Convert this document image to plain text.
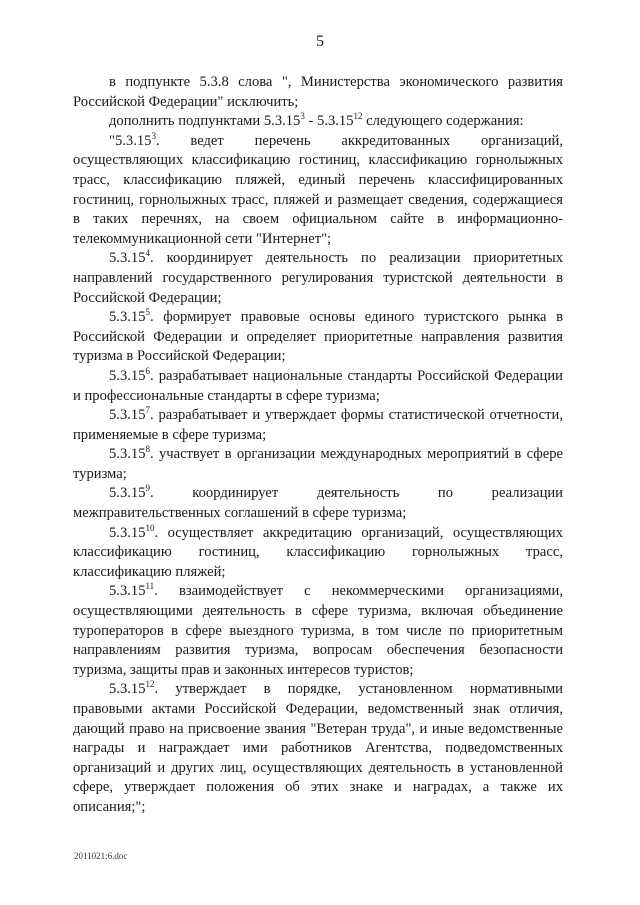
5

в подпункте 5.3.8 слова ", Министерства экономического развития Российской Федерации" исключить;

дополнить подпунктами 5.3.15$^3$ - 5.3.15$^{12}$ следующего содержания:

"5.3.15$^3$. ведет перечень аккредитованных организаций, осуществляющих классификацию гостиниц, классификацию горнолыжных трасс, классификацию пляжей, единый перечень классифицированных гостиниц, горнолыжных трасс, пляжей и размещает сведения, содержащиеся в таких перечнях, на своем официальном сайте в информационно-телекоммуникационной сети "Интернет";

5.3.15$^4$. координирует деятельность по реализации приоритетных направлений государственного регулирования туристской деятельности в Российской Федерации;

5.3.15$^5$. формирует правовые основы единого туристского рынка в Российской Федерации и определяет приоритетные направления развития туризма в Российской Федерации;

5.3.15$^6$. разрабатывает национальные стандарты Российской Федерации и профессиональные стандарты в сфере туризма;

5.3.15$^7$. разрабатывает и утверждает формы статистической отчетности, применяемые в сфере туризма;

5.3.15$^8$. участвует в организации международных мероприятий в сфере туризма;

5.3.15$^9$. координирует деятельность по реализации межправительственных соглашений в сфере туризма;

5.3.15$^{10}$. осуществляет аккредитацию организаций, осуществляющих классификацию гостиниц, классификацию горнолыжных трасс, классификацию пляжей;

5.3.15$^{11}$. взаимодействует с некоммерческими организациями, осуществляющими деятельность в сфере туризма, включая объединение туроператоров в сфере выездного туризма, в том числе по приоритетным направлениям развития туризма, вопросам обеспечения безопасности туризма, защиты прав и законных интересов туристов;

5.3.15$^{12}$. утверждает в порядке, установленном нормативными правовыми актами Российской Федерации, ведомственный знак отличия, дающий право на присвоение звания "Ветеран труда", и иные ведомственные награды и награждает ими работников Агентства, подведомственных организаций и других лиц, осуществляющих деятельность в установленной сфере, утверждает положения об этих знаке и наградах, а также их описания;";

2011021:6.doc
